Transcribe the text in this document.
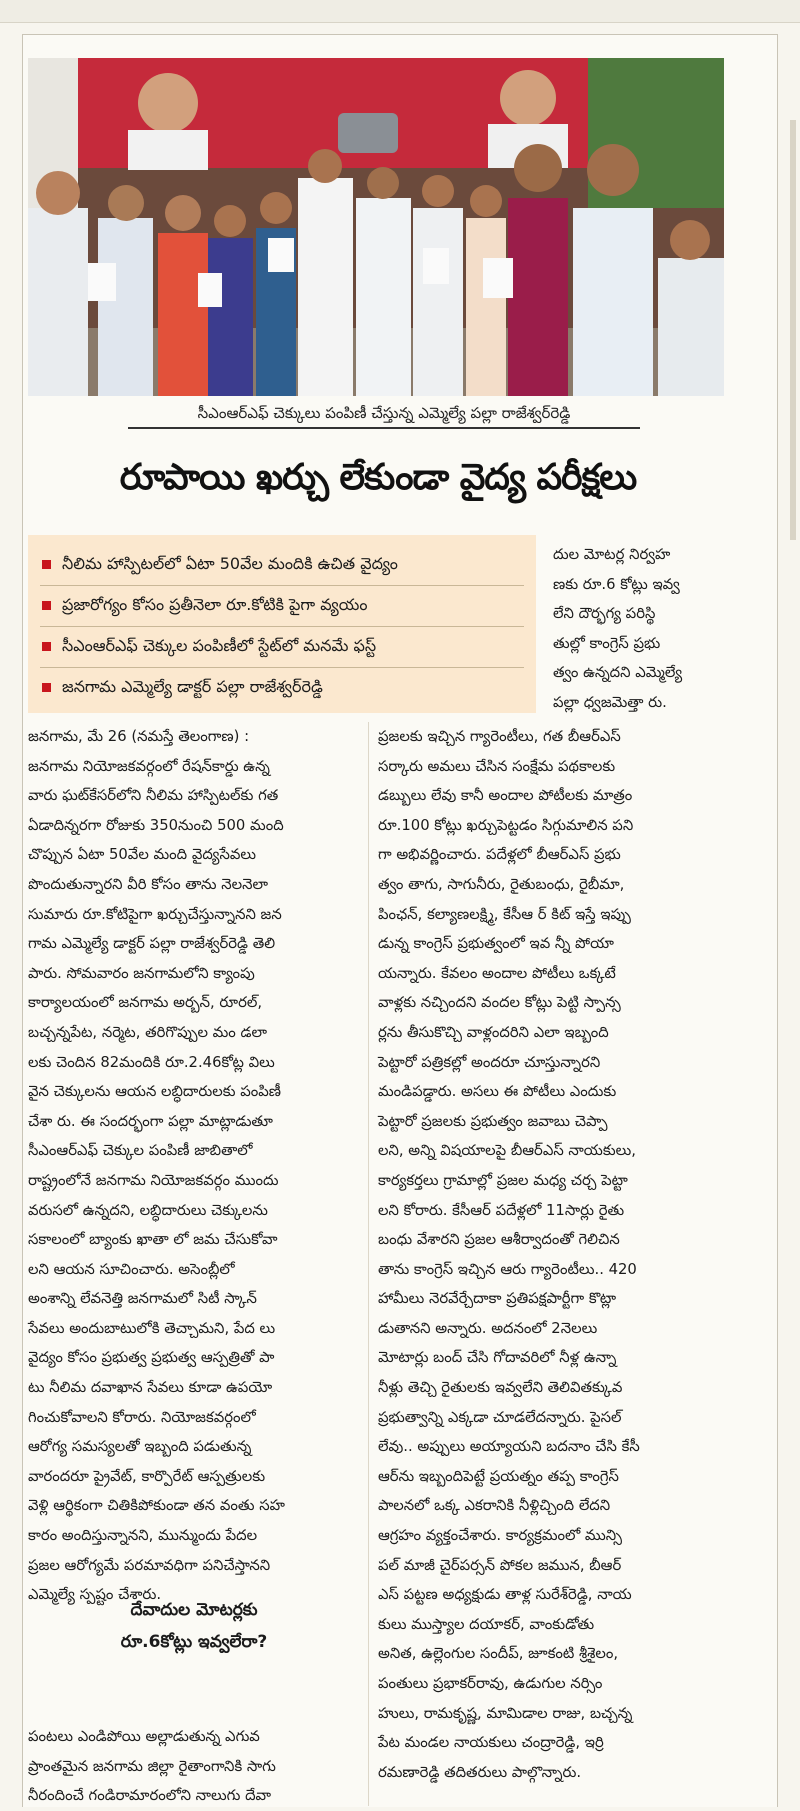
సీఎంఆర్‌ఎఫ్ చెక్కులు పంపిణీ చేస్తున్న ఎమ్మెల్యే పల్లా రాజేశ్వర్‌రెడ్డి
రూపాయి ఖర్చు లేకుండా వైద్య పరీక్షలు
నీలిమ హాస్పిటల్‌లో ఏటా 50వేల మందికి ఉచిత వైద్యం
ప్రజారోగ్యం కోసం ప్రతీనెలా రూ.కోటికి పైగా వ్యయం
సీఎంఆర్‌ఎఫ్ చెక్కుల పంపిణీలో స్టేట్‌లో మనమే ఫస్ట్
జనగామ ఎమ్మెల్యే డాక్టర్ పల్లా రాజేశ్వర్‌రెడ్డి
దుల మోటర్ల నిర్వహ
ణకు రూ.6 కోట్లు ఇవ్వ
లేని దౌర్భగ్య పరిస్థి
తుల్లో కాంగ్రెస్ ప్రభు
త్వం ఉన్నదని ఎమ్మెల్యే
పల్లా ధ్వజమెత్తా రు.
జనగామ, మే 26 (నమస్తే తెలంగాణ) :
జనగామ నియోజకవర్గంలో రేషన్‌కార్డు ఉన్న
వారు ఘట్‌కేసర్‌లోని నీలిమ హాస్పిటల్‌కు గత
ఏడాదిన్నరగా రోజుకు 350నుంచి 500 మంది
చొప్పున ఏటా 50వేల మంది వైద్యసేవలు
పొందుతున్నారని వీరి కోసం తాను నెలనెలా
సుమారు రూ.కోటిపైగా ఖర్చుచేస్తున్నానని జన
గామ ఎమ్మెల్యే డాక్టర్ పల్లా రాజేశ్వర్‌రెడ్డి తెలి
పారు. సోమవారం జనగామలోని క్యాంపు
కార్యాలయంలో జనగామ అర్బన్, రూరల్,
బచ్చన్నపేట, నర్మెట, తరిగొప్పుల మం డలా
లకు చెందిన 82మందికి రూ.2.46కోట్ల విలు
వైన చెక్కులను ఆయన లబ్ధిదారులకు పంపిణీ
చేశా రు. ఈ సందర్భంగా పల్లా మాట్లాడుతూ
సీఎంఆర్‌ఎఫ్ చెక్కుల పంపిణీ జాబితాలో
రాష్ట్రంలోనే జనగామ నియోజకవర్గం ముందు
వరుసలో ఉన్నదని, లబ్ధిదారులు చెక్కులను
సకాలంలో బ్యాంకు ఖాతా లో జమ చేసుకోవా
లని ఆయన సూచించారు. అసెంబ్లీలో
అంశాన్ని లేవనెత్తి జనగామలో సిటీ స్కాన్
సేవలు అందుబాటులోకి తెచ్చామని, పేద లు
వైద్యం కోసం ప్రభుత్వ ప్రభుత్వ ఆస్పత్రితో పా
టు నీలిమ దవాఖాన సేవలు కూడా ఉపయో
గించుకోవాలని కోరారు. నియోజకవర్గంలో
ఆరోగ్య సమస్యలతో ఇబ్బంది పడుతున్న
వారందరూ ప్రైవేట్, కార్పొరేట్ ఆస్పత్రులకు
వెళ్లి ఆర్థికంగా చితికిపోకుండా తన వంతు సహ
కారం అందిస్తున్నానని, మున్ముందు పేదల
ప్రజల ఆరోగ్యమే పరమావధిగా పనిచేస్తానని
ఎమ్మెల్యే స్పష్టం చేశారు.
ప్రజలకు ఇచ్చిన గ్యారెంటీలు, గత బీఆర్‌ఎస్
సర్కారు అమలు చేసిన సంక్షేమ పథకాలకు
డబ్బులు లేవు కానీ అందాల పోటీలకు మాత్రం
రూ.100 కోట్లు ఖర్చుపెట్టడం సిగ్గుమాలిన పని
గా అభివర్ణించారు. పదేళ్లలో బీఆర్‌ఎస్ ప్రభు
త్వం తాగు, సాగునీరు, రైతుబంధు, రైబీమా,
పింఛన్, కల్యాణలక్ష్మి, కేసీఆ ర్ కిట్ ఇస్తే ఇప్పు
డున్న కాంగ్రెస్ ప్రభుత్వంలో ఇవ న్నీ పోయా
యన్నారు. కేవలం అందాల పోటీలు ఒక్కటే
వాళ్లకు నచ్చిందని వందల కోట్లు పెట్టి స్పాన్స
ర్లను తీసుకొచ్చి వాళ్లందరిని ఎలా ఇబ్బంది
పెట్టారో పత్రికల్లో అందరూ చూస్తున్నారని
మండిపడ్డారు. అసలు ఈ పోటీలు ఎందుకు
పెట్టారో ప్రజలకు ప్రభుత్వం జవాబు చెప్పా
లని, అన్ని విషయాలపై బీఆర్‌ఎస్ నాయకులు,
కార్యకర్తలు గ్రామాల్లో ప్రజల మధ్య చర్చ పెట్టా
లని కోరారు. కేసీఆర్ పదేళ్లలో 11సార్లు రైతు
బంధు వేశారని ప్రజల ఆశీర్వాదంతో గెలిచిన
తాను కాంగ్రెస్ ఇచ్చిన ఆరు గ్యారెంటీలు.. 420
హామీలు నెరవేర్చేదాకా ప్రతిపక్షపార్టీగా కొట్లా
డుతానని అన్నారు. అదనంలో 2నెలలు
మోటార్లు బంద్ చేసి గోదావరిలో నీళ్ల ఉన్నా
నీళ్లు తెచ్చి రైతులకు ఇవ్వలేని తెలివితక్కువ
ప్రభుత్వాన్ని ఎక్కడా చూడలేదన్నారు. పైసల్
లేవు.. అప్పులు అయ్యాయని బదనాం చేసి కేసీ
ఆర్‌ను ఇబ్బందిపెట్టే ప్రయత్నం తప్ప కాంగ్రెస్
పాలనలో ఒక్క ఎకరానికి నీళ్లిచ్చింది లేదని
ఆగ్రహం వ్యక్తంచేశారు. కార్యక్రమంలో మున్సి
పల్ మాజీ చైర్‌పర్సన్ పోకల జమున, బీఆర్
ఎస్ పట్టణ అధ్యక్షుడు తాళ్ల సురేశ్‌రెడ్డి, నాయ
కులు ముస్త్యాల దయాకర్, వాంకుడోతు
అనిత, ఉల్లెంగుల సందీప్, జూకంటి శ్రీశైలం,
పంతులు ప్రభాకర్‌రావు, ఉడుగుల నర్సిం
హులు, రామకృష్ణ, మామిడాల రాజు, బచ్చన్న
పేట మండల నాయకులు చంద్రారెడ్డి, ఇర్రి
రమణారెడ్డి తదితరులు పాల్గొన్నారు.
దేవాదుల మోటర్లకు
రూ.6కోట్లు ఇవ్వలేరా?
పంటలు ఎండిపోయి అల్లాడుతున్న ఎగువ
ప్రాంతమైన జనగామ జిల్లా రైతాంగానికి సాగు
నీరందించే గండిరామారంలోని నాలుగు దేవా
